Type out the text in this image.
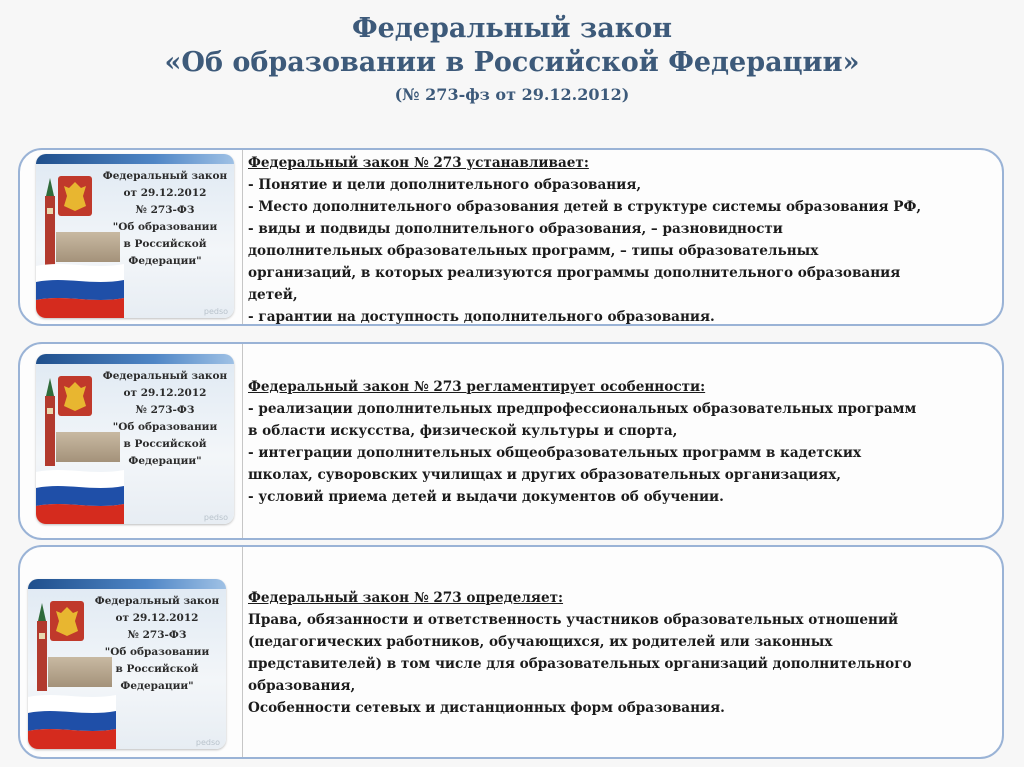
Федеральный закон
«Об образовании в Российской Федерации»
(№ 273-фз от 29.12.2012)
Федеральный закон
от 29.12.2012
№ 273-ФЗ
"Об образовании
в Российской
Федерации"
pedso
Федеральный закон № 273 устанавливает:
- Понятие и цели дополнительного образования,
- Место дополнительного образования детей в структуре системы образования РФ,
- виды и подвиды дополнительного образования, – разновидности
дополнительных образовательных программ, – типы образовательных
организаций, в которых реализуются программы дополнительного образования
детей,
- гарантии на доступность дополнительного образования.
Федеральный закон
от 29.12.2012
№ 273-ФЗ
"Об образовании
в Российской
Федерации"
pedso
Федеральный закон № 273 регламентирует особенности:
- реализации дополнительных предпрофессиональных образовательных программ
в области искусства, физической культуры и спорта,
- интеграции дополнительных общеобразовательных программ в кадетских
школах, суворовских училищах и других образовательных организациях,
- условий приема детей и выдачи документов об обучении.
Федеральный закон
от 29.12.2012
№ 273-ФЗ
"Об образовании
в Российской
Федерации"
pedso
Федеральный закон № 273 определяет:
Права, обязанности и ответственность участников образовательных отношений
(педагогических работников, обучающихся, их родителей или законных
представителей) в том числе для образовательных организаций дополнительного
образования,
Особенности сетевых и дистанционных форм образования.
